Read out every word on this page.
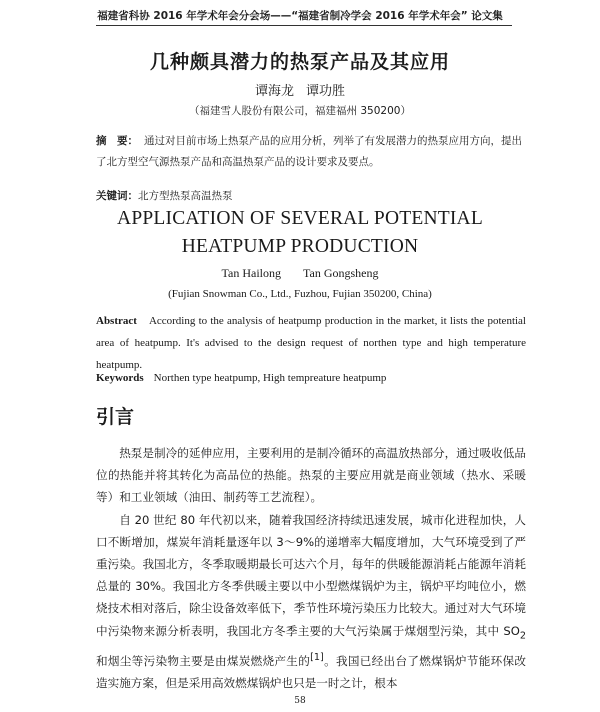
福建省科协 2016 年学术年会分会场——“福建省制冷学会 2016 年学术年会” 论文集
几种颇具潜力的热泵产品及其应用
谭海龙 谭功胜
（福建雪人股份有限公司，福建福州 350200）
摘　要： 通过对目前市场上热泵产品的应用分析，列举了有发展潜力的热泵应用方向，提出了北方型空气源热泵产品和高温热泵产品的设计要求及要点。
关键词：北方型热泵高温热泵
APPLICATION OF SEVERAL POTENTIAL
HEATPUMP PRODUCTION
Tan Hailong Tan Gongsheng
(Fujian Snowman Co., Ltd., Fuzhou, Fujian 350200, China)
Abstract According to the analysis of heatpump production in the market, it lists the potential area of heatpump. It's advised to the design request of northen type and high temperature heatpump.
Keywords Northen type heatpump, High tempreature heatpump
引言

热泵是制冷的延伸应用，主要利用的是制冷循环的高温放热部分，通过吸收低品位的热能并将其转化为高品位的热能。热泵的主要应用就是商业领域（热水、采暖等）和工业领域（油田、制药等工艺流程）。

自 20 世纪 80 年代初以来，随着我国经济持续迅速发展，城市化进程加快，人口不断增加，煤炭年消耗量逐年以 3～9%的递增率大幅度增加，大气环境受到了严重污染。我国北方，冬季取暖期最长可达六个月，每年的供暖能源消耗占能源年消耗总量的 30%。我国北方冬季供暖主要以中小型燃煤锅炉为主，锅炉平均吨位小，燃烧技术相对落后，除尘设备效率低下，季节性环境污染压力比较大。通过对大气环境中污染物来源分析表明，我国北方冬季主要的大气污染属于煤烟型污染，其中 $SO_2$ 和烟尘等污染物主要是由煤炭燃烧产生的[1]。我国已经出台了燃煤锅炉节能环保改造实施方案，但是采用高效燃煤锅炉也只是一时之计，根本

58
